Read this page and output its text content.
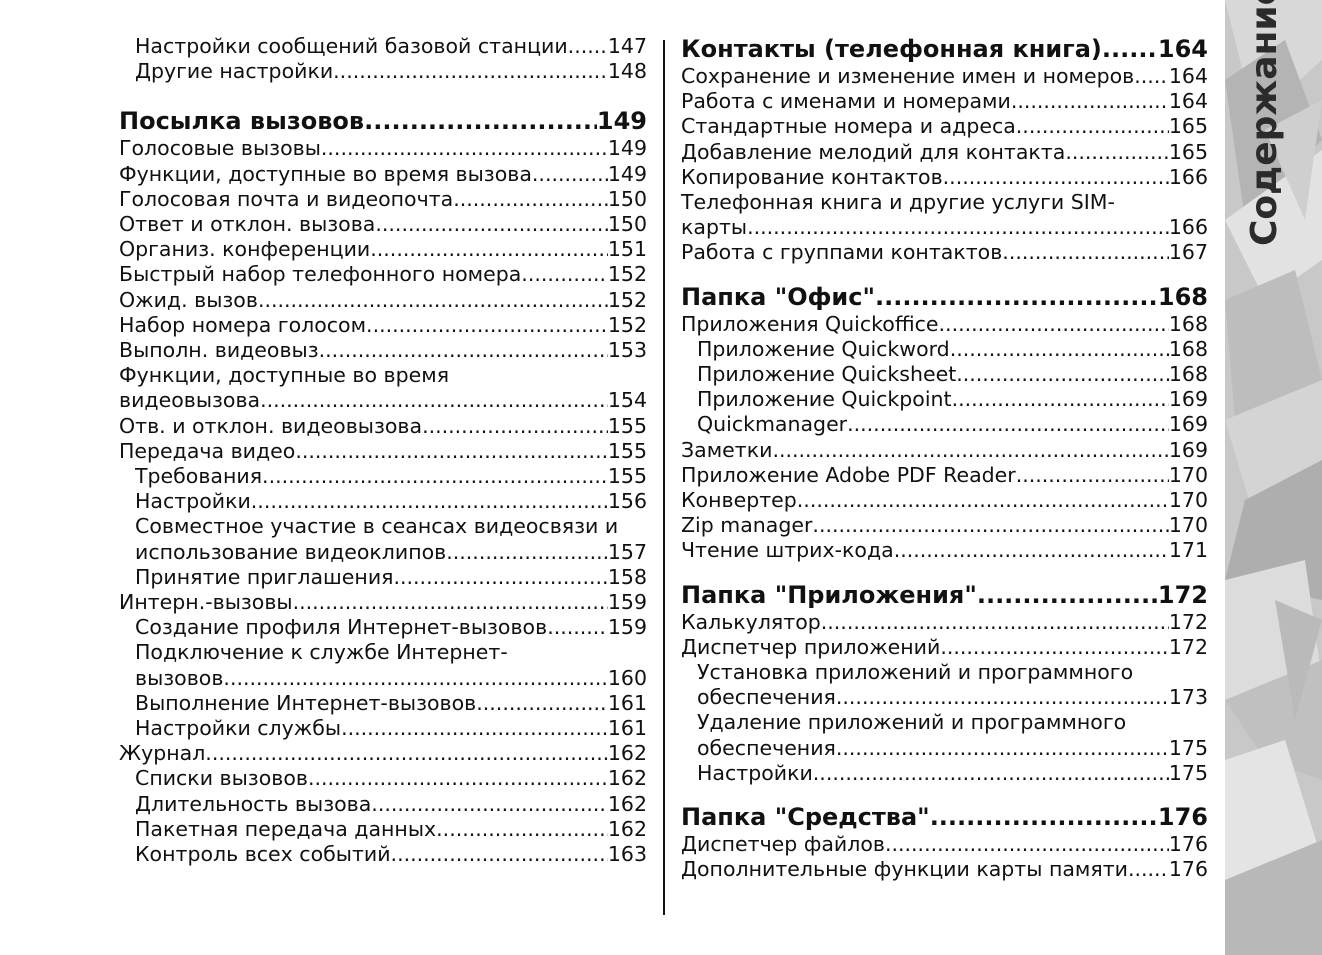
Настройки сообщений базовой станции ..... 147
Другие настройки .....	148
Посылка вызовов .....	149
Голосовые вызовы .....	149
Функции, доступные во время вызова .....	149
Голосовая почта и видеопочта .....	150
Ответ и отклон. вызова .....	150
Организ. конференции .....	151
Быстрый набор телефонного номера .....	152
Ожид. вызов .....	152
Набор номера голосом .....	152
Выполн. видеовыз .....	153
Функции, доступные во время
видеовызова .....	154
Отв. и отклон. видеовызова .....	155
Передача видео .....	155
Требования .....	155
Настройки .....	156
Совместное участие в сеансах видеосвязи и
использование видеоклипов .....	157
Принятие приглашения .....	158
Интерн.-вызовы .....	159
Создание профиля Интернет-вызовов .....	159
Подключение к службе Интернет-
вызовов .....	160
Выполнение Интернет-вызовов .....	161
Настройки службы .....	161
Журнал .....	162
Списки вызовов .....	162
Длительность вызова .....	162
Пакетная передача данных .....	162
Контроль всех событий .....	163
Контакты (телефонная книга) ..... 164
Сохранение и изменение имен и номеров ..... 164
Работа с именами и номерами .....	164
Стандартные номера и адреса .....	165
Добавление мелодий для контакта .....	165
Копирование контактов .....	166
Телефонная книга и другие услуги SIM-
карты .....	166
Работа с группами контактов .....	167
Папка "Офис" .....	168
Приложения Quickoffice .....	168
Приложение Quickword .....	168
Приложение Quicksheet .....	168
Приложение Quickpoint .....	169
Quickmanager .....	169
Заметки .....	169
Приложение Adobe PDF Reader .....	170
Конвертер .....	170
Zip manager .....	170
Чтение штрих-кода .....	171
Папка "Приложения" .....	172
Калькулятор .....	172
Диспетчер приложений .....	172
Установка приложений и программного
обеспечения .....	173
Удаление приложений и программного
обеспечения .....	175
Настройки .....	175
Папка "Средства" .....	176
Диспетчер файлов .....	176
Дополнительные функции карты памяти ..... 176
